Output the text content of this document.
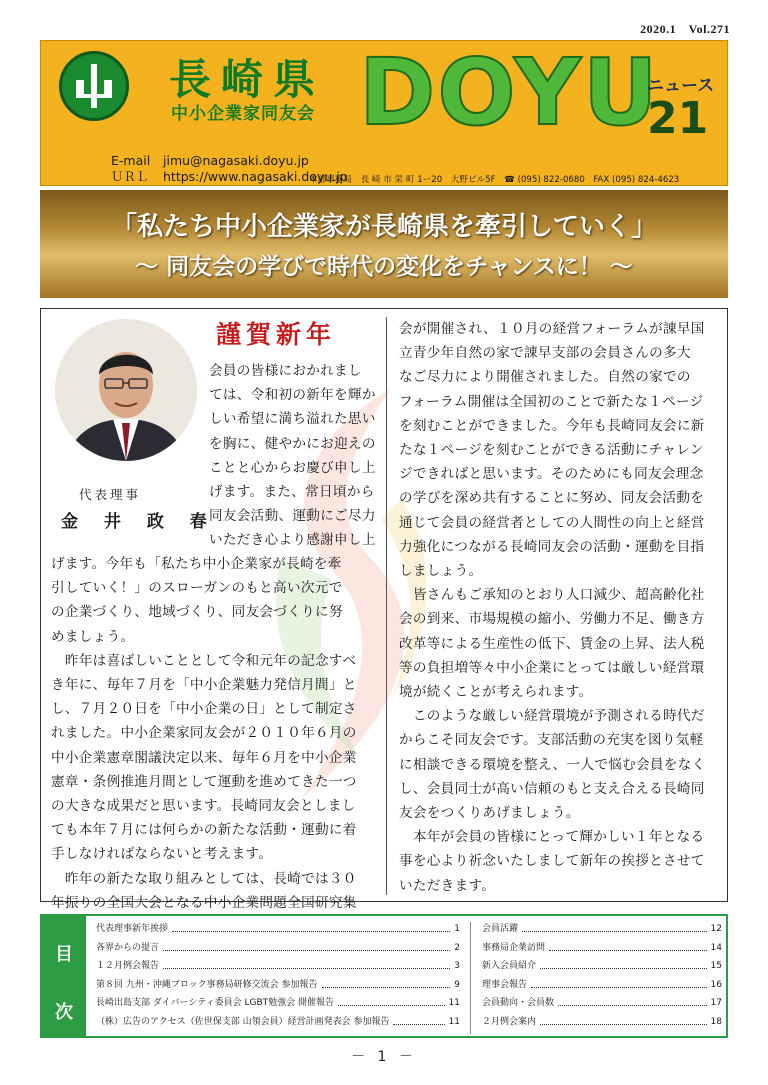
2020.1　Vol.271
長崎県
中小企業家同友会 DOYU
ニュース
21
E-mail jimu@nagasaki.doyu.jp
ＵＲＬ https://www.nagasaki.doyu.jp
本部事務局　長 崎 市 栄 町 1ー20　大野ビル5F　☎ (095) 822-0680　FAX (095) 824-4623
「私たち中小企業家が長崎県を牽引していく」
〜 同友会の学びで時代の変化をチャンスに！ 〜
代表理事
金 井 政 春
謹賀新年
会員の皆様におかれまし
ては、令和初の新年を輝か
しい希望に満ち溢れた思い
を胸に、健やかにお迎えの
ことと心からお慶び申し上
げます。また、常日頃から
同友会活動、運動にご尽力
いただき心より感謝申し上
げます。今年も「私たち中小企業家が長崎を牽
引していく！」のスローガンのもと高い次元で
の企業づくり、地域づくり、同友会づくりに努
めましょう。
　昨年は喜ばしいこととして令和元年の記念すべ
き年に、毎年７月を「中小企業魅力発信月間」と
し、７月２０日を「中小企業の日」として制定さ
れました。中小企業家同友会が２０１０年６月の
中小企業憲章閣議決定以来、毎年６月を中小企業
憲章・条例推進月間として運動を進めてきた一つ
の大きな成果だと思います。長崎同友会としまし
ても本年７月には何らかの新たな活動・運動に着
手しなければならないと考えます。
　昨年の新たな取り組みとしては、長崎では３０
年振りの全国大会となる中小企業問題全国研究集
会が開催され、１０月の経営フォーラムが諌早国
立青少年自然の家で諌早支部の会員さんの多大
なご尽力により開催されました。自然の家での
フォーラム開催は全国初のことで新たな１ページ
を刻むことができました。今年も長崎同友会に新
たな１ページを刻むことができる活動にチャレン
ジできればと思います。そのためにも同友会理念
の学びを深め共有することに努め、同友会活動を
通じて会員の経営者としての人間性の向上と経営
力強化につながる長崎同友会の活動・運動を目指
しましょう。
　皆さんもご承知のとおり人口減少、超高齢化社
会の到来、市場規模の縮小、労働力不足、働き方
改革等による生産性の低下、賃金の上昇、法人税
等の負担増等々中小企業にとっては厳しい経営環
境が続くことが考えられます。
　このような厳しい経営環境が予測される時代だ
からこそ同友会です。支部活動の充実を図り気軽
に相談できる環境を整え、一人で悩む会員をなく
し、会員同士が高い信頼のもと支え合える長崎同
友会をつくりあげましょう。
　本年が会員の皆様にとって輝かしい１年となる
事を心より祈念いたしまして新年の挨拶とさせて
いただきます。
目
次
代表理事新年挨拶	1
各界からの提言	2
１２月例会報告	3
第８回 九州・沖縄ブロック事務局研修交流会 参加報告	9
長崎出島支部 ダイバーシティ委員会 LGBT勉強会 開催報告	11
（株）広告のアクセス（佐世保支部 山領会員）経営計画発表会 参加報告	11
会員活躍	12
事務局企業訪問	14
新入会員紹介	15
理事会報告	16
会員動向・会員数	17
２月例会案内	18
－ 1 －
